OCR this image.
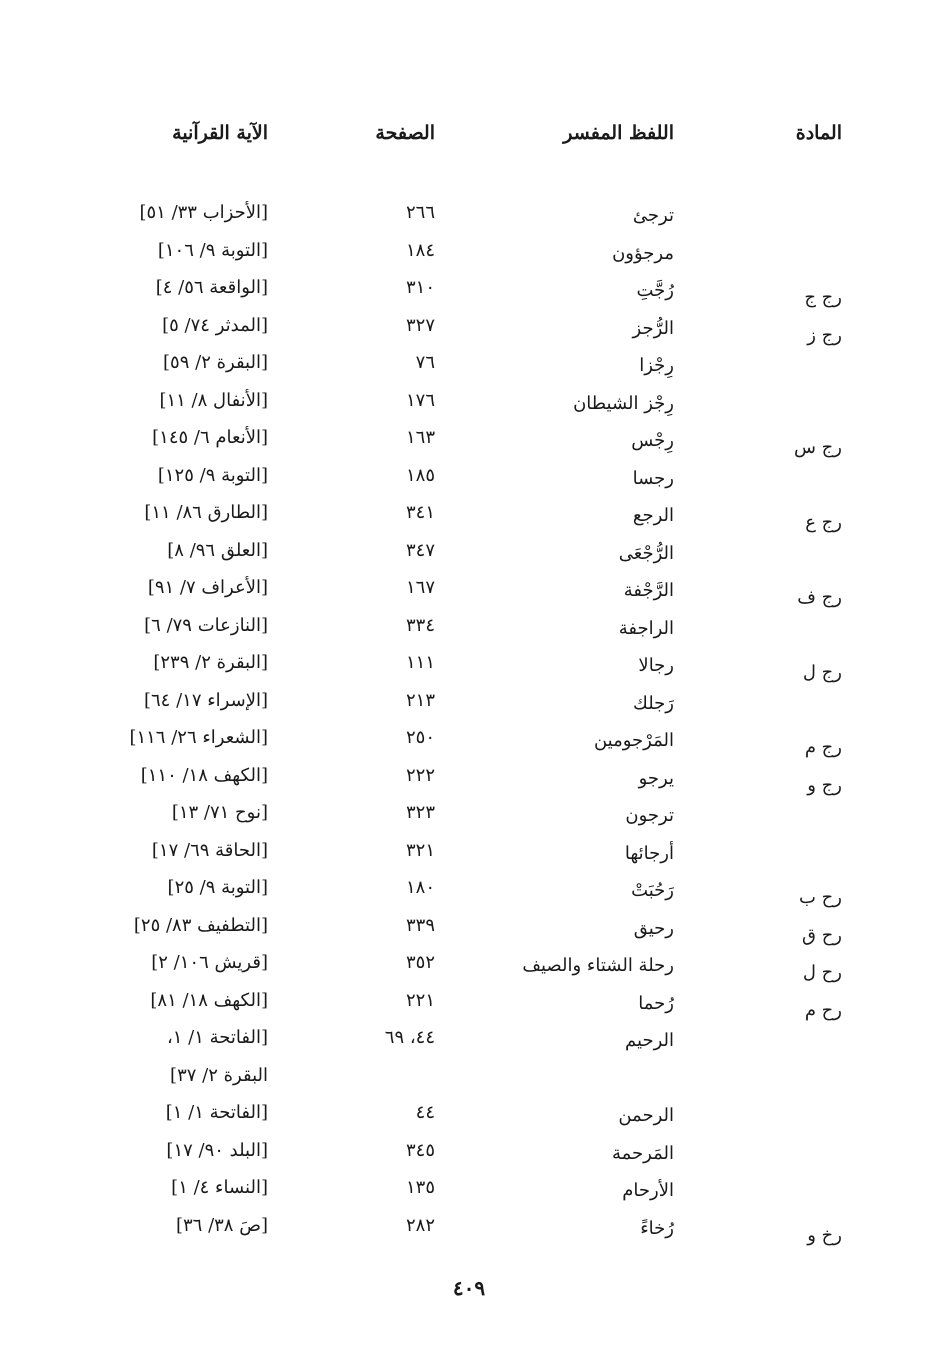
المادة
اللفظ المفسر
الصفحة
الآية القرآنية
ترجئ
٢٦٦
[الأحزاب ٣٣/ ٥١]
مرجؤون
١٨٤
[التوبة ٩/ ١٠٦]
رج ج
رُجَّتِ
٣١٠
[الواقعة ٥٦/ ٤]
رج ز
الرُّجز
٣٢٧
[المدثر ٧٤/ ٥]
رِجْزا
٧٦
[البقرة ٢/ ٥٩]
رِجْز الشيطان
١٧٦
[الأنفال ٨/ ١١]
رج س
رِجْس
١٦٣
[الأنعام ٦/ ١٤٥]
رجسا
١٨٥
[التوبة ٩/ ١٢٥]
رج ع
الرجع
٣٤١
[الطارق ٨٦/ ١١]
الرُّجْعَى
٣٤٧
[العلق ٩٦/ ٨]
رج ف
الرَّجْفة
١٦٧
[الأعراف ٧/ ٩١]
الراجفة
٣٣٤
[النازعات ٧٩/ ٦]
رج ل
رجالا
١١١
[البقرة ٢/ ٢٣٩]
رَجلك
٢١٣
[الإسراء ١٧/ ٦٤]
رج م
المَرْجومين
٢٥٠
[الشعراء ٢٦/ ١١٦]
رج و
يرجو
٢٢٢
[الكهف ١٨/ ١١٠]
ترجون
٣٢٣
[نوح ٧١/ ١٣]
أرجائها
٣٢١
[الحاقة ٦٩/ ١٧]
رح ب
رَحُبَتْ
١٨٠
[التوبة ٩/ ٢٥]
رح ق
رحيق
٣٣٩
[التطفيف ٨٣/ ٢٥]
رح ل
رحلة الشتاء والصيف
٣٥٢
[قريش ١٠٦/ ٢]
رح م
رُحما
٢٢١
[الكهف ١٨/ ٨١]
الرحيم
٤٤، ٦٩
[الفاتحة ١/ ١،
البقرة ٢/ ٣٧]
الرحمن
٤٤
[الفاتحة ١/ ١]
المَرحمة
٣٤٥
[البلد ٩٠/ ١٧]
الأرحام
١٣٥
[النساء ٤/ ١]
رخ و
رُخاءً
٢٨٢
[صَ ٣٨/ ٣٦]
٤٠٩
